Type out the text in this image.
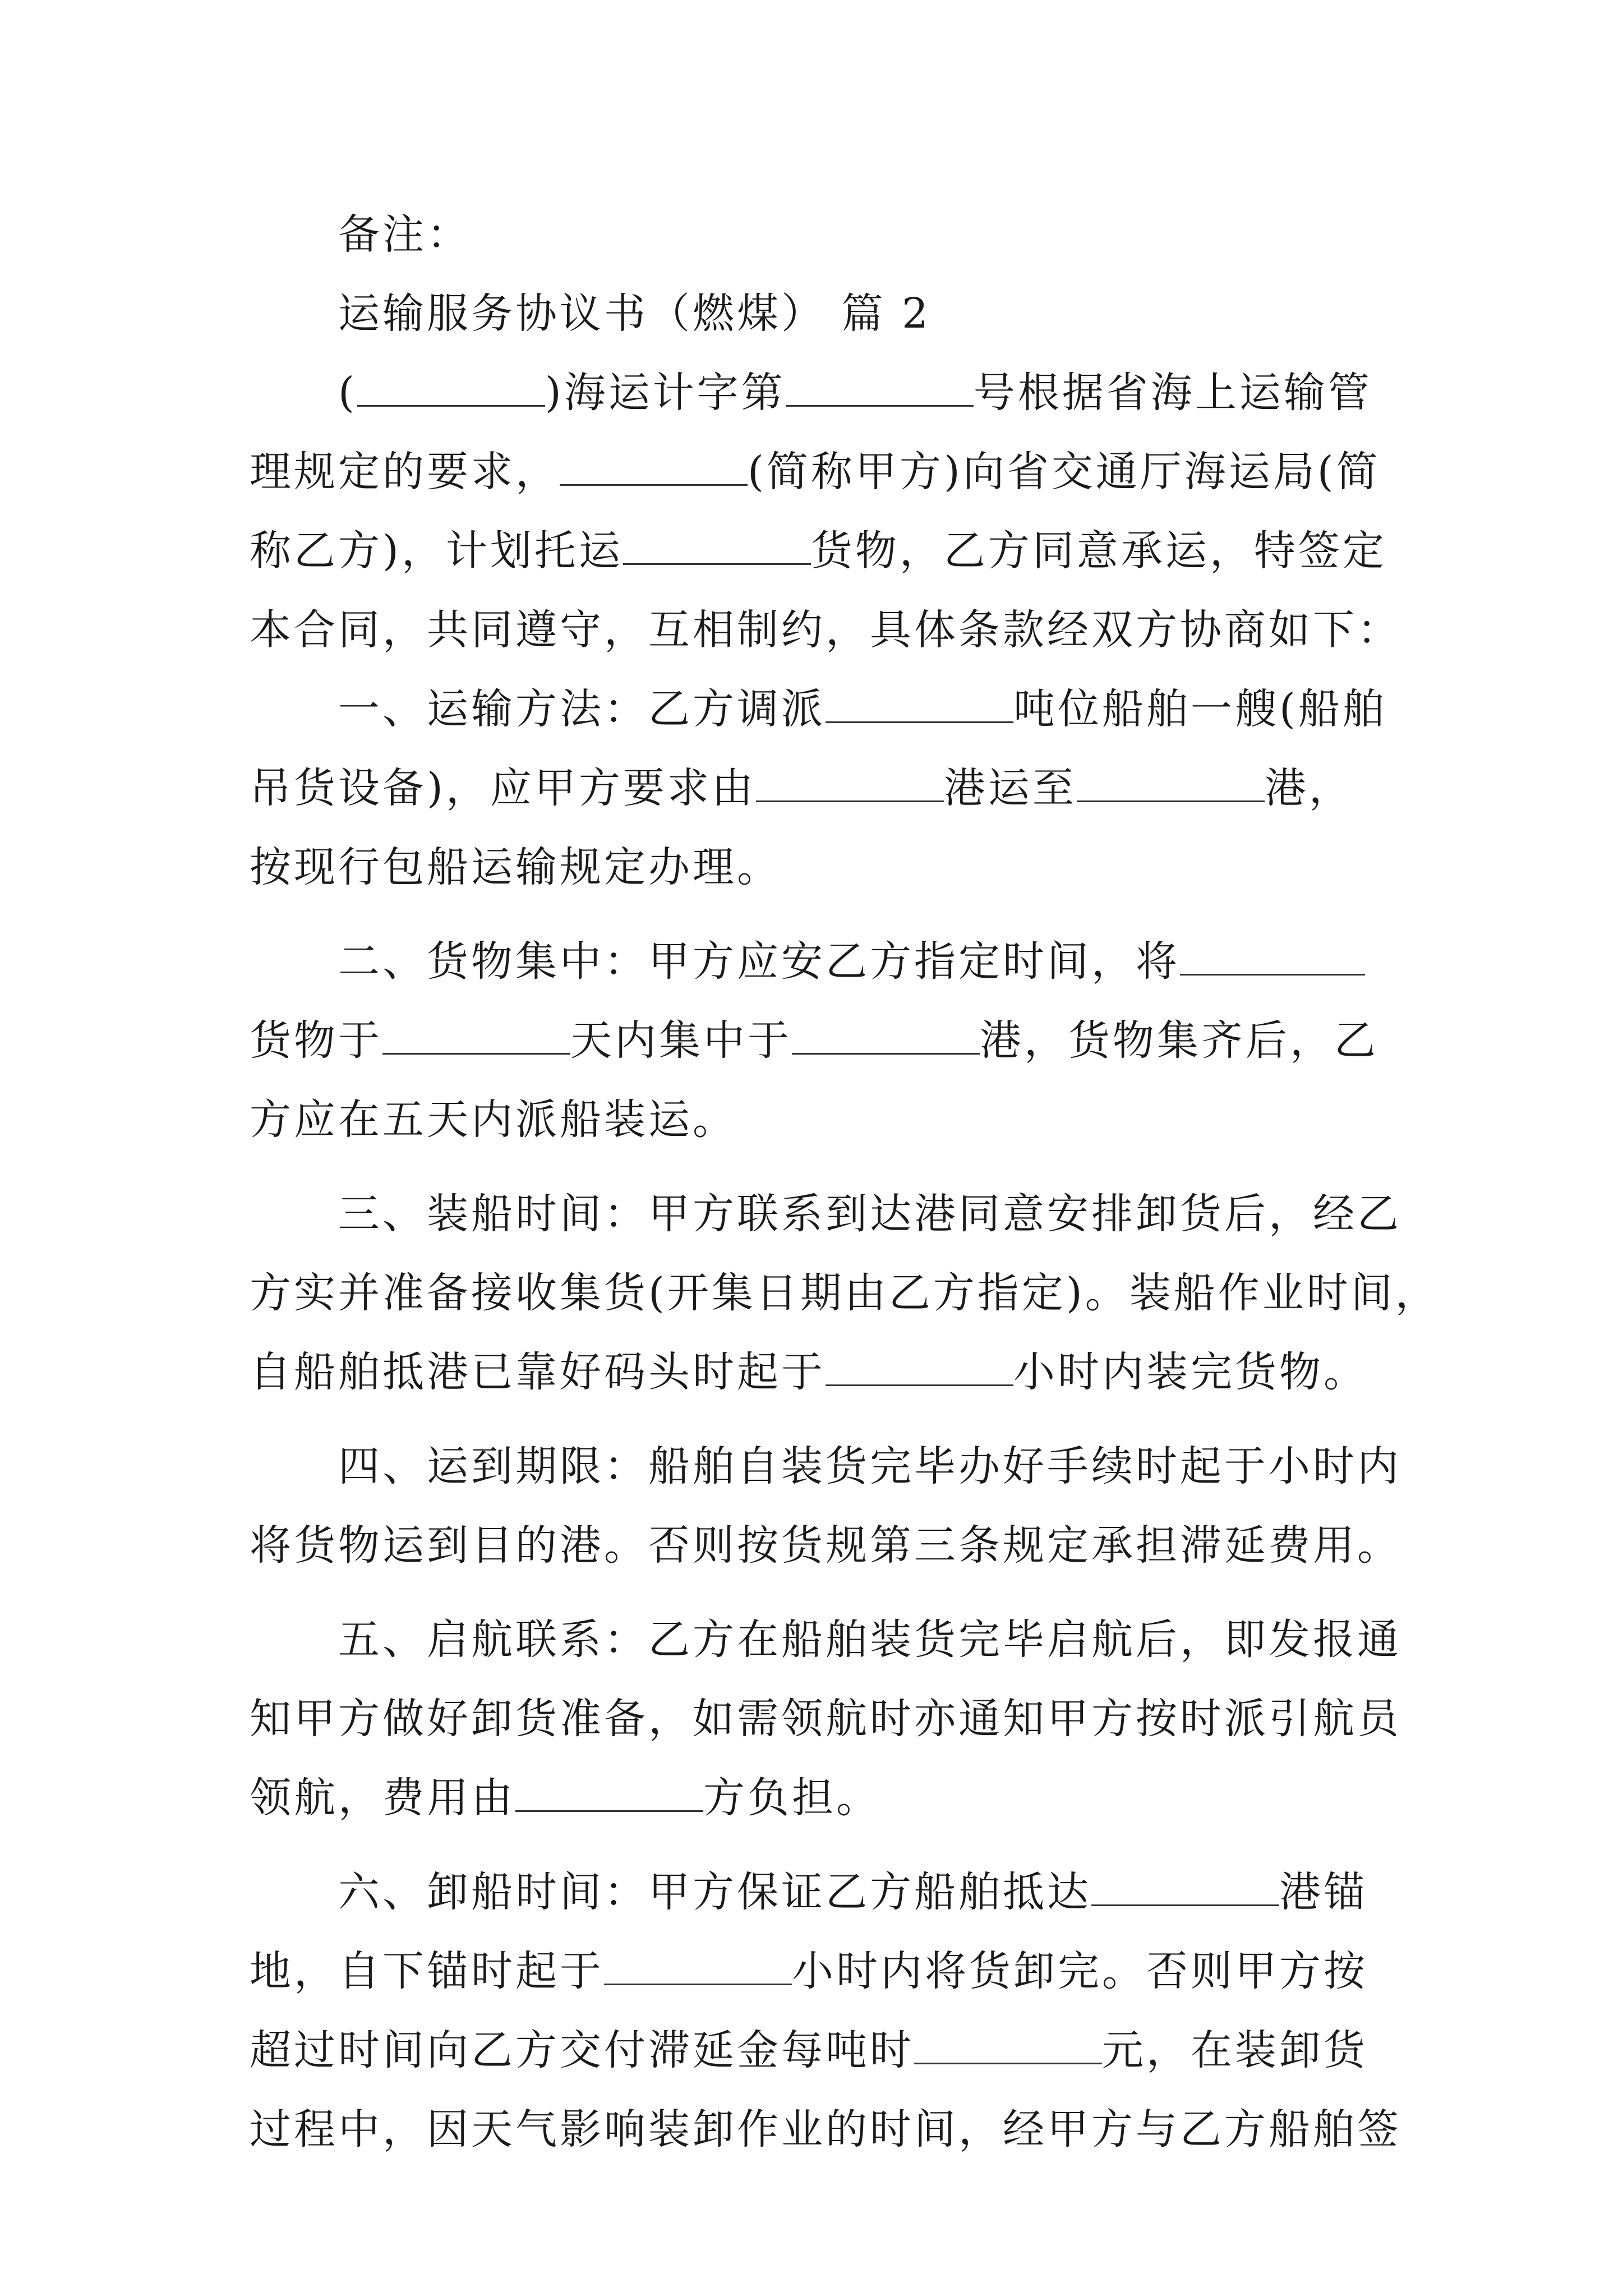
备注：
运输服务协议书（燃煤） 篇 2
(	)海运计字第	号根据省海上运输管
理规定的要求，	(简称甲方)向省交通厅海运局(简
称乙方)，计划托运	货物，乙方同意承运，特签定
本合同，共同遵守，互相制约，具体条款经双方协商如下：
一、运输方法：乙方调派	吨位船舶一艘(船舶
吊货设备)，应甲方要求由	港运至	港，
按现行包船运输规定办理。
二、货物集中：甲方应安乙方指定时间，将
货物于	天内集中于	港，货物集齐后，乙
方应在五天内派船装运。
三、装船时间：甲方联系到达港同意安排卸货后，经乙
方实并准备接收集货(开集日期由乙方指定)。装船作业时间，
自船舶抵港已靠好码头时起于	小时内装完货物。
四、运到期限：船舶自装货完毕办好手续时起于小时内
将货物运到目的港。否则按货规第三条规定承担滞延费用。
五、启航联系：乙方在船舶装货完毕启航后，即发报通
知甲方做好卸货准备，如需领航时亦通知甲方按时派引航员
领航，费用由	方负担。
六、卸船时间：甲方保证乙方船舶抵达	港锚
地，自下锚时起于	小时内将货卸完。否则甲方按
超过时间向乙方交付滞延金每吨时	元，在装卸货
过程中，因天气影响装卸作业的时间，经甲方与乙方船舶签
